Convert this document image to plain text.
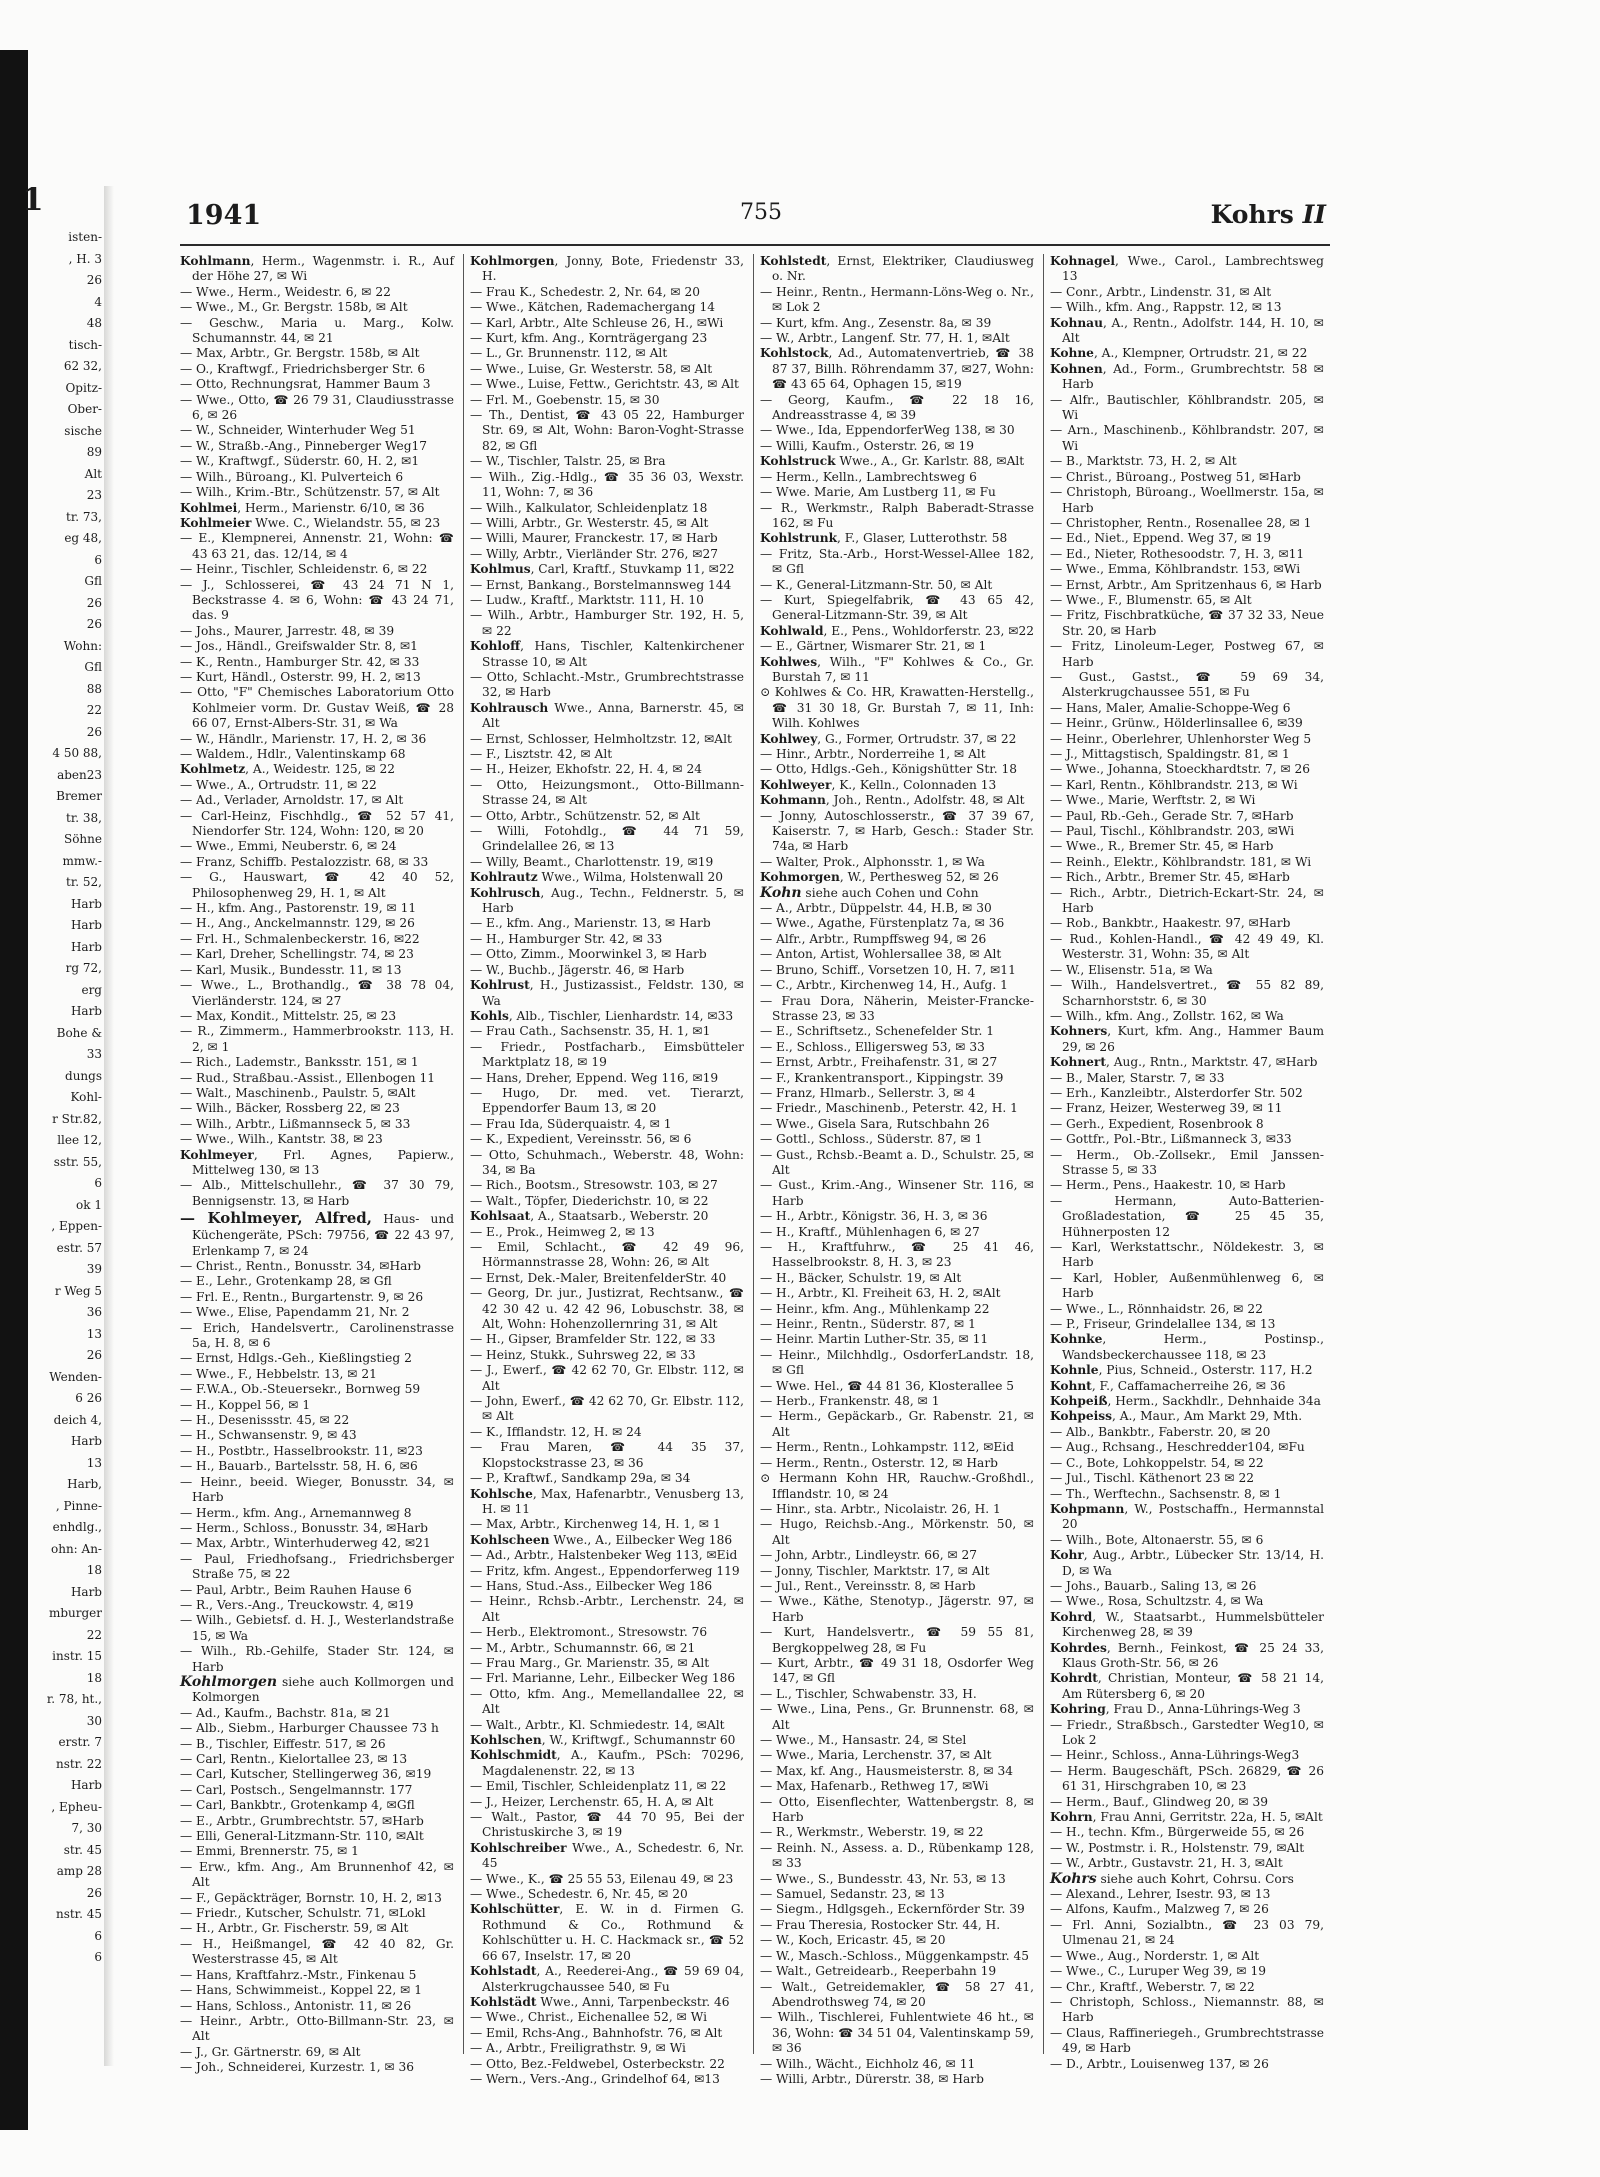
1
isten-
, H. 3
26
4
48
tisch-
62 32,
Opitz-
Ober-
sische
89
Alt
23
tr. 73,
eg 48,
6
Gfl
26
26
Wohn:
Gfl
88
22
26
4 50 88,
aben23
Bremer
tr. 38,
Söhne
mmw.-
tr. 52,
Harb
Harb
Harb
rg 72,
erg
Harb
Bohe &
33
dungs
Kohl-
r Str.82,
llee 12,
sstr. 55,
6
ok 1
, Eppen-
estr. 57
39
r Weg 5
36
13
26
Wenden-
6 26
deich 4,
Harb
13
Harb,
, Pinne-
enhdlg.,
ohn: An-
18
Harb
mburger
22
instr. 15
18
r. 78, ht.,
30
erstr. 7
nstr. 22
Harb
, Epheu-
7, 30
str. 45
amp 28
26
nstr. 45
6
6
1941	755	Kohrs II

Kohlmann, Herm., Wagenmstr. i. R., Auf der Höhe 27, ✉ Wi

— Wwe., Herm., Weidestr. 6, ✉ 22

— Wwe., M., Gr. Bergstr. 158b, ✉ Alt

— Geschw., Maria u. Marg., Kolw. Schumannstr. 44, ✉ 21

— Max, Arbtr., Gr. Bergstr. 158b, ✉ Alt

— O., Kraftwgf., Friedrichsberger Str. 6

— Otto, Rechnungsrat, Hammer Baum 3

— Wwe., Otto, ☎ 26 79 31, Claudiusstrasse 6, ✉ 26

— W., Schneider, Winterhuder Weg 51

— W., Straßb.-Ang., Pinneberger Weg17

— W., Kraftwgf., Süderstr. 60, H. 2, ✉1

— Wilh., Büroang., Kl. Pulverteich 6

— Wilh., Krim.-Btr., Schützenstr. 57, ✉ Alt

Kohlmei, Herm., Marienstr. 6/10, ✉ 36

Kohlmeier Wwe. C., Wielandstr. 55, ✉ 23

— E., Klempnerei, Annenstr. 21, Wohn: ☎ 43 63 21, das. 12/14, ✉ 4

— Heinr., Tischler, Schleidenstr. 6, ✉ 22

— J., Schlosserei, ☎ 43 24 71 N 1, Beckstrasse 4. ✉ 6, Wohn: ☎ 43 24 71, das. 9

— Johs., Maurer, Jarrestr. 48, ✉ 39

— Jos., Händl., Greifswalder Str. 8, ✉1

— K., Rentn., Hamburger Str. 42, ✉ 33

— Kurt, Händl., Osterstr. 99, H. 2, ✉13

— Otto, "F" Chemisches Laboratorium Otto Kohlmeier vorm. Dr. Gustav Weiß, ☎ 28 66 07, Ernst-Albers-Str. 31, ✉ Wa

— W., Händlr., Marienstr. 17, H. 2, ✉ 36

— Waldem., Hdlr., Valentinskamp 68

Kohlmetz, A., Weidestr. 125, ✉ 22

— Wwe., A., Ortrudstr. 11, ✉ 22

— Ad., Verlader, Arnoldstr. 17, ✉ Alt

— Carl-Heinz, Fischhdlg., ☎ 52 57 41, Niendorfer Str. 124, Wohn: 120, ✉ 20

— Wwe., Emmi, Neuberstr. 6, ✉ 24

— Franz, Schiffb. Pestalozzistr. 68, ✉ 33

— G., Hauswart, ☎ 42 40 52, Philosophenweg 29, H. 1, ✉ Alt

— H., kfm. Ang., Pastorenstr. 19, ✉ 11

— H., Ang., Anckelmannstr. 129, ✉ 26

— Frl. H., Schmalenbeckerstr. 16, ✉22

— Karl, Dreher, Schellingstr. 74, ✉ 23

— Karl, Musik., Bundesstr. 11, ✉ 13

— Wwe., L., Brothandlg., ☎ 38 78 04, Vierländerstr. 124, ✉ 27

— Max, Kondit., Mittelstr. 25, ✉ 23

— R., Zimmerm., Hammerbrookstr. 113, H. 2, ✉ 1

— Rich., Lademstr., Banksstr. 151, ✉ 1

— Rud., Straßbau.-Assist., Ellenbogen 11

— Walt., Maschinenb., Paulstr. 5, ✉Alt

— Wilh., Bäcker, Rossberg 22, ✉ 23

— Wilh., Arbtr., Lißmannseck 5, ✉ 33

— Wwe., Wilh., Kantstr. 38, ✉ 23

Kohlmeyer, Frl. Agnes, Papierw., Mittelweg 130, ✉ 13

— Alb., Mittelschullehr., ☎ 37 30 79, Bennigsenstr. 13, ✉ Harb

— Kohlmeyer, Alfred, Haus- und Küchengeräte, PSch: 79756, ☎ 22 43 97, Erlenkamp 7, ✉ 24

— Christ., Rentn., Bonusstr. 34, ✉Harb

— E., Lehr., Grotenkamp 28, ✉ Gfl

— Frl. E., Rentn., Burgartenstr. 9, ✉ 26

— Wwe., Elise, Papendamm 21, Nr. 2

— Erich, Handelsvertr., Carolinenstrasse 5a, H. 8, ✉ 6

— Ernst, Hdlgs.-Geh., Kießlingstieg 2

— Wwe., F., Hebbelstr. 13, ✉ 21

— F.W.A., Ob.-Steuersekr., Bornweg 59

— H., Koppel 56, ✉ 1

— H., Desenissstr. 45, ✉ 22

— H., Schwansenstr. 9, ✉ 43

— H., Postbtr., Hasselbrookstr. 11, ✉23

— H., Bauarb., Bartelsstr. 58, H. 6, ✉6

— Heinr., beeid. Wieger, Bonusstr. 34, ✉ Harb

— Herm., kfm. Ang., Arnemannweg 8

— Herm., Schloss., Bonusstr. 34, ✉Harb

— Max, Arbtr., Winterhuderweg 42, ✉21

— Paul, Friedhofsang., Friedrichsberger Straße 75, ✉ 22

— Paul, Arbtr., Beim Rauhen Hause 6

— R., Vers.-Ang., Treuckowstr. 4, ✉19

— Wilh., Gebietsf. d. H. J., Westerlandstraße 15, ✉ Wa

— Wilh., Rb.-Gehilfe, Stader Str. 124, ✉ Harb

Kohlmorgen siehe auch Kollmorgen und Kolmorgen

— Ad., Kaufm., Bachstr. 81a, ✉ 21

— Alb., Siebm., Harburger Chaussee 73 h

— B., Tischler, Eiffestr. 517, ✉ 26

— Carl, Rentn., Kielortallee 23, ✉ 13

— Carl, Kutscher, Stellingerweg 36, ✉19

— Carl, Postsch., Sengelmannstr. 177

— Carl, Bankbtr., Grotenkamp 4, ✉Gfl

— E., Arbtr., Grumbrechtstr. 57, ✉Harb

— Elli, General-Litzmann-Str. 110, ✉Alt

— Emmi, Brennerstr. 75, ✉ 1

— Erw., kfm. Ang., Am Brunnenhof 42, ✉ Alt

— F., Gepäckträger, Bornstr. 10, H. 2, ✉13

— Friedr., Kutscher, Schulstr. 71, ✉Lokl

— H., Arbtr., Gr. Fischerstr. 59, ✉ Alt

— H., Heißmangel, ☎ 42 40 82, Gr. Westerstrasse 45, ✉ Alt

— Hans, Kraftfahrz.-Mstr., Finkenau 5

— Hans, Schwimmeist., Koppel 22, ✉ 1

— Hans, Schloss., Antonistr. 11, ✉ 26

— Heinr., Arbtr., Otto-Billmann-Str. 23, ✉ Alt

— J., Gr. Gärtnerstr. 69, ✉ Alt

— Joh., Schneiderei, Kurzestr. 1, ✉ 36

Kohlmorgen, Jonny, Bote, Friedenstr 33, H.

— Frau K., Schedestr. 2, Nr. 64, ✉ 20

— Wwe., Kätchen, Rademachergang 14

— Karl, Arbtr., Alte Schleuse 26, H., ✉Wi

— Kurt, kfm. Ang., Kornträgergang 23

— L., Gr. Brunnenstr. 112, ✉ Alt

— Wwe., Luise, Gr. Westerstr. 58, ✉ Alt

— Wwe., Luise, Fettw., Gerichtstr. 43, ✉ Alt

— Frl. M., Goebenstr. 15, ✉ 30

— Th., Dentist, ☎ 43 05 22, Hamburger Str. 69, ✉ Alt, Wohn: Baron-Voght-Strasse 82, ✉ Gfl

— W., Tischler, Talstr. 25, ✉ Bra

— Wilh., Zig.-Hdlg., ☎ 35 36 03, Wexstr. 11, Wohn: 7, ✉ 36

— Wilh., Kalkulator, Schleidenplatz 18

— Willi, Arbtr., Gr. Westerstr. 45, ✉ Alt

— Willi, Maurer, Franckestr. 17, ✉ Harb

— Willy, Arbtr., Vierländer Str. 276, ✉27

Kohlmus, Carl, Kraftf., Stuvkamp 11, ✉22

— Ernst, Bankang., Borstelmannsweg 144

— Ludw., Kraftf., Marktstr. 111, H. 10

— Wilh., Arbtr., Hamburger Str. 192, H. 5, ✉ 22

Kohloff, Hans, Tischler, Kaltenkirchener Strasse 10, ✉ Alt

— Otto, Schlacht.-Mstr., Grumbrechtstrasse 32, ✉ Harb

Kohlrausch Wwe., Anna, Barnerstr. 45, ✉Alt

— Ernst, Schlosser, Helmholtzstr. 12, ✉Alt

— F., Lisztstr. 42, ✉ Alt

— H., Heizer, Ekhofstr. 22, H. 4, ✉ 24

— Otto, Heizungsmont., Otto-Billmann-Strasse 24, ✉ Alt

— Otto, Arbtr., Schützenstr. 52, ✉ Alt

— Willi, Fotohdlg., ☎ 44 71 59, Grindelallee 26, ✉ 13

— Willy, Beamt., Charlottenstr. 19, ✉19

Kohlrautz Wwe., Wilma, Holstenwall 20

Kohlrusch, Aug., Techn., Feldnerstr. 5, ✉ Harb

— E., kfm. Ang., Marienstr. 13, ✉ Harb

— H., Hamburger Str. 42, ✉ 33

— Otto, Zimm., Moorwinkel 3, ✉ Harb

— W., Buchb., Jägerstr. 46, ✉ Harb

Kohlrust, H., Justizassist., Feldstr. 130, ✉ Wa

Kohls, Alb., Tischler, Lienhardstr. 14, ✉33

— Frau Cath., Sachsenstr. 35, H. 1, ✉1

— Friedr., Postfacharb., Eimsbütteler Marktplatz 18, ✉ 19

— Hans, Dreher, Eppend. Weg 116, ✉19

— Hugo, Dr. med. vet. Tierarzt, Eppendorfer Baum 13, ✉ 20

— Frau Ida, Süderquaistr. 4, ✉ 1

— K., Expedient, Vereinsstr. 56, ✉ 6

— Otto, Schuhmach., Weberstr. 48, Wohn: 34, ✉ Ba

— Rich., Bootsm., Stresowstr. 103, ✉ 27

— Walt., Töpfer, Diederichstr. 10, ✉ 22

Kohlsaat, A., Staatsarb., Weberstr. 20

— E., Prok., Heimweg 2, ✉ 13

— Emil, Schlacht., ☎ 42 49 96, Hörmannstrasse 28, Wohn: 26, ✉ Alt

— Ernst, Dek.-Maler, BreitenfelderStr. 40

— Georg, Dr. jur., Justizrat, Rechtsanw., ☎ 42 30 42 u. 42 42 96, Lobuschstr. 38, ✉ Alt, Wohn: Hohenzollernring 31, ✉ Alt

— H., Gipser, Bramfelder Str. 122, ✉ 33

— Heinz, Stukk., Suhrsweg 22, ✉ 33

— J., Ewerf., ☎ 42 62 70, Gr. Elbstr. 112, ✉ Alt

— John, Ewerf., ☎ 42 62 70, Gr. Elbstr. 112, ✉ Alt

— K., Ifflandstr. 12, H. ✉ 24

— Frau Maren, ☎ 44 35 37, Klopstockstrasse 23, ✉ 36

— P., Kraftwf., Sandkamp 29a, ✉ 34

Kohlsche, Max, Hafenarbtr., Venusberg 13, H. ✉ 11

— Max, Arbtr., Kirchenweg 14, H. 1, ✉ 1

Kohlscheen Wwe., A., Eilbecker Weg 186

— Ad., Arbtr., Halstenbeker Weg 113, ✉Eid

— Fritz, kfm. Angest., Eppendorferweg 119

— Hans, Stud.-Ass., Eilbecker Weg 186

— Heinr., Rchsb.-Arbtr., Lerchenstr. 24, ✉ Alt

— Herb., Elektromont., Stresowstr. 76

— M., Arbtr., Schumannstr. 66, ✉ 21

— Frau Marg., Gr. Marienstr. 35, ✉ Alt

— Frl. Marianne, Lehr., Eilbecker Weg 186

— Otto, kfm. Ang., Memellandallee 22, ✉ Alt

— Walt., Arbtr., Kl. Schmiedestr. 14, ✉Alt

Kohlschen, W., Kriftwgf., Schumannstr 60

Kohlschmidt, A., Kaufm., PSch: 70296, Magdalenenstr. 22, ✉ 13

— Emil, Tischler, Schleidenplatz 11, ✉ 22

— J., Heizer, Lerchenstr. 65, H. A, ✉ Alt

— Walt., Pastor, ☎ 44 70 95, Bei der Christuskirche 3, ✉ 19

Kohlschreiber Wwe., A., Schedestr. 6, Nr. 45

— Wwe., K., ☎ 25 55 53, Eilenau 49, ✉ 23

— Wwe., Schedestr. 6, Nr. 45, ✉ 20

Kohlschütter, E. W. in d. Firmen G. Rothmund & Co., Rothmund & Kohlschütter u. H. C. Hackmack sr., ☎ 52 66 67, Inselstr. 17, ✉ 20

Kohlstadt, A., Reederei-Ang., ☎ 59 69 04, Alsterkrugchaussee 540, ✉ Fu

Kohlstädt Wwe., Anni, Tarpenbeckstr. 46

— Wwe., Christ., Eichenallee 52, ✉ Wi

— Emil, Rchs-Ang., Bahnhofstr. 76, ✉ Alt

— A., Arbtr., Freiligrathstr. 9, ✉ Wi

— Otto, Bez.-Feldwebel, Osterbeckstr. 22

— Wern., Vers.-Ang., Grindelhof 64, ✉13

Kohlstedt, Ernst, Elektriker, Claudiusweg o. Nr.

— Heinr., Rentn., Hermann-Löns-Weg o. Nr., ✉ Lok 2

— Kurt, kfm. Ang., Zesenstr. 8a, ✉ 39

— W., Arbtr., Langenf. Str. 77, H. 1, ✉Alt

Kohlstock, Ad., Automatenvertrieb, ☎ 38 87 37, Billh. Röhrendamm 37, ✉27, Wohn: ☎ 43 65 64, Ophagen 15, ✉19

— Georg, Kaufm., ☎ 22 18 16, Andreasstrasse 4, ✉ 39

— Wwe., Ida, EppendorferWeg 138, ✉ 30

— Willi, Kaufm., Osterstr. 26, ✉ 19

Kohlstruck Wwe., A., Gr. Karlstr. 88, ✉Alt

— Herm., Kelln., Lambrechtsweg 6

— Wwe. Marie, Am Lustberg 11, ✉ Fu

— R., Werkmstr., Ralph Baberadt-Strasse 162, ✉ Fu

Kohlstrunk, F., Glaser, Lutterothstr. 58

— Fritz, Sta.-Arb., Horst-Wessel-Allee 182, ✉ Gfl

— K., General-Litzmann-Str. 50, ✉ Alt

— Kurt, Spiegelfabrik, ☎ 43 65 42, General-Litzmann-Str. 39, ✉ Alt

Kohlwald, E., Pens., Wohldorferstr. 23, ✉22

— E., Gärtner, Wismarer Str. 21, ✉ 1

Kohlwes, Wilh., "F" Kohlwes & Co., Gr. Burstah 7, ✉ 11

⊙ Kohlwes & Co. HR, Krawatten-Herstellg., ☎ 31 30 18, Gr. Burstah 7, ✉ 11, Inh: Wilh. Kohlwes

Kohlwey, G., Former, Ortrudstr. 37, ✉ 22

— Hinr., Arbtr., Norderreihe 1, ✉ Alt

— Otto, Hdlgs.-Geh., Königshütter Str. 18

Kohlweyer, K., Kelln., Colonnaden 13

Kohmann, Joh., Rentn., Adolfstr. 48, ✉ Alt

— Jonny, Autoschlosserstr., ☎ 37 39 67, Kaiserstr. 7, ✉ Harb, Gesch.: Stader Str. 74a, ✉ Harb

— Walter, Prok., Alphonsstr. 1, ✉ Wa

Kohmorgen, W., Perthesweg 52, ✉ 26

Kohn siehe auch Cohen und Cohn

— A., Arbtr., Düppelstr. 44, H.B, ✉ 30

— Wwe., Agathe, Fürstenplatz 7a, ✉ 36

— Alfr., Arbtr., Rumpffsweg 94, ✉ 26

— Anton, Artist, Wohlersallee 38, ✉ Alt

— Bruno, Schiff., Vorsetzen 10, H. 7, ✉11

— C., Arbtr., Kirchenweg 14, H., Aufg. 1

— Frau Dora, Näherin, Meister-Francke-Strasse 23, ✉ 33

— E., Schriftsetz., Schenefelder Str. 1

— E., Schloss., Elligersweg 53, ✉ 33

— Ernst, Arbtr., Freihafenstr. 31, ✉ 27

— F., Krankentransport., Kippingstr. 39

— Franz, Hlmarb., Sellerstr. 3, ✉ 4

— Friedr., Maschinenb., Peterstr. 42, H. 1

— Wwe., Gisela Sara, Rutschbahn 26

— Gottl., Schloss., Süderstr. 87, ✉ 1

— Gust., Rchsb.-Beamt a. D., Schulstr. 25, ✉ Alt

— Gust., Krim.-Ang., Winsener Str. 116, ✉ Harb

— H., Arbtr., Königstr. 36, H. 3, ✉ 36

— H., Kraftf., Mühlenhagen 6, ✉ 27

— H., Kraftfuhrw., ☎ 25 41 46, Hasselbrookstr. 8, H. 3, ✉ 23

— H., Bäcker, Schulstr. 19, ✉ Alt

— H., Arbtr., Kl. Freiheit 63, H. 2, ✉Alt

— Heinr., kfm. Ang., Mühlenkamp 22

— Heinr., Rentn., Süderstr. 87, ✉ 1

— Heinr. Martin Luther-Str. 35, ✉ 11

— Heinr., Milchhdlg., OsdorferLandstr. 18, ✉ Gfl

— Wwe. Hel., ☎ 44 81 36, Klosterallee 5

— Herb., Frankenstr. 48, ✉ 1

— Herm., Gepäckarb., Gr. Rabenstr. 21, ✉ Alt

— Herm., Rentn., Lohkampstr. 112, ✉Eid

— Herm., Rentn., Osterstr. 12, ✉ Harb

⊙ Hermann Kohn HR, Rauchw.-Großhdl., Ifflandstr. 10, ✉ 24

— Hinr., sta. Arbtr., Nicolaistr. 26, H. 1

— Hugo, Reichsb.-Ang., Mörkenstr. 50, ✉ Alt

— John, Arbtr., Lindleystr. 66, ✉ 27

— Jonny, Tischler, Marktstr. 17, ✉ Alt

— Jul., Rent., Vereinsstr. 8, ✉ Harb

— Wwe., Käthe, Stenotyp., Jägerstr. 97, ✉ Harb

— Kurt, Handelsvertr., ☎ 59 55 81, Bergkoppelweg 28, ✉ Fu

— Kurt, Arbtr., ☎ 49 31 18, Osdorfer Weg 147, ✉ Gfl

— L., Tischler, Schwabenstr. 33, H.

— Wwe., Lina, Pens., Gr. Brunnenstr. 68, ✉ Alt

— Wwe., M., Hansastr. 24, ✉ Stel

— Wwe., Maria, Lerchenstr. 37, ✉ Alt

— Max, kf. Ang., Hausmeisterstr. 8, ✉ 34

— Max, Hafenarb., Rethweg 17, ✉Wi

— Otto, Eisenflechter, Wattenbergstr. 8, ✉ Harb

— R., Werkmstr., Weberstr. 19, ✉ 22

— Reinh. N., Assess. a. D., Rübenkamp 128, ✉ 33

— Wwe., S., Bundesstr. 43, Nr. 53, ✉ 13

— Samuel, Sedanstr. 23, ✉ 13

— Siegm., Hdlgsgeh., Eckernförder Str. 39

— Frau Theresia, Rostocker Str. 44, H.

— W., Koch, Ericastr. 45, ✉ 20

— W., Masch.-Schloss., Müggenkampstr. 45

— Walt., Getreidearb., Reeperbahn 19

— Walt., Getreidemakler, ☎ 58 27 41, Abendrothsweg 74, ✉ 20

— Wilh., Tischlerei, Fuhlentwiete 46 ht., ✉ 36, Wohn: ☎ 34 51 04, Valentinskamp 59, ✉ 36

— Wilh., Wächt., Eichholz 46, ✉ 11

— Willi, Arbtr., Dürerstr. 38, ✉ Harb

Kohnagel, Wwe., Carol., Lambrechtsweg 13

— Conr., Arbtr., Lindenstr. 31, ✉ Alt

— Wilh., kfm. Ang., Rappstr. 12, ✉ 13

Kohnau, A., Rentn., Adolfstr. 144, H. 10, ✉ Alt

Kohne, A., Klempner, Ortrudstr. 21, ✉ 22

Kohnen, Ad., Form., Grumbrechtstr. 58 ✉ Harb

— Alfr., Bautischler, Köhlbrandstr. 205, ✉ Wi

— Arn., Maschinenb., Köhlbrandstr. 207, ✉ Wi

— B., Marktstr. 73, H. 2, ✉ Alt

— Christ., Büroang., Postweg 51, ✉Harb

— Christoph, Büroang., Woellmerstr. 15a, ✉ Harb

— Christopher, Rentn., Rosenallee 28, ✉ 1

— Ed., Niet., Eppend. Weg 37, ✉ 19

— Ed., Nieter, Rothesoodstr. 7, H. 3, ✉11

— Wwe., Emma, Köhlbrandstr. 153, ✉Wi

— Ernst, Arbtr., Am Spritzenhaus 6, ✉ Harb

— Wwe., F., Blumenstr. 65, ✉ Alt

— Fritz, Fischbratküche, ☎ 37 32 33, Neue Str. 20, ✉ Harb

— Fritz, Linoleum-Leger, Postweg 67, ✉ Harb

— Gust., Gastst., ☎ 59 69 34, Alsterkrugchaussee 551, ✉ Fu

— Hans, Maler, Amalie-Schoppe-Weg 6

— Heinr., Grünw., Hölderlinsallee 6, ✉39

— Heinr., Oberlehrer, Uhlenhorster Weg 5

— J., Mittagstisch, Spaldingstr. 81, ✉ 1

— Wwe., Johanna, Stoeckhardtstr. 7, ✉ 26

— Karl, Rentn., Köhlbrandstr. 213, ✉ Wi

— Wwe., Marie, Werftstr. 2, ✉ Wi

— Paul, Rb.-Geh., Gerade Str. 7, ✉Harb

— Paul, Tischl., Köhlbrandstr. 203, ✉Wi

— Wwe., R., Bremer Str. 45, ✉ Harb

— Reinh., Elektr., Köhlbrandstr. 181, ✉ Wi

— Rich., Arbtr., Bremer Str. 45, ✉Harb

— Rich., Arbtr., Dietrich-Eckart-Str. 24, ✉ Harb

— Rob., Bankbtr., Haakestr. 97, ✉Harb

— Rud., Kohlen-Handl., ☎ 42 49 49, Kl. Westerstr. 31, Wohn: 35, ✉ Alt

— W., Elisenstr. 51a, ✉ Wa

— Wilh., Handelsvertret., ☎ 55 82 89, Scharnhorststr. 6, ✉ 30

— Wilh., kfm. Ang., Zollstr. 162, ✉ Wa

Kohners, Kurt, kfm. Ang., Hammer Baum 29, ✉ 26

Kohnert, Aug., Rntn., Marktstr. 47, ✉Harb

— B., Maler, Starstr. 7, ✉ 33

— Erh., Kanzleibtr., Alsterdorfer Str. 502

— Franz, Heizer, Westerweg 39, ✉ 11

— Gerh., Expedient, Rosenbrook 8

— Gottfr., Pol.-Btr., Lißmanneck 3, ✉33

— Herm., Ob.-Zollsekr., Emil Janssen-Strasse 5, ✉ 33

— Herm., Pens., Haakestr. 10, ✉ Harb

— Hermann, Auto-Batterien-Großladestation, ☎ 25 45 35, Hühnerposten 12

— Karl, Werkstattschr., Nöldekestr. 3, ✉ Harb

— Karl, Hobler, Außenmühlenweg 6, ✉ Harb

— Wwe., L., Rönnhaidstr. 26, ✉ 22

— P., Friseur, Grindelallee 134, ✉ 13

Kohnke, Herm., Postinsp., Wandsbeckerchaussee 118, ✉ 23

Kohnle, Pius, Schneid., Osterstr. 117, H.2

Kohnt, F., Caffamacherreihe 26, ✉ 36

Kohpeiß, Herm., Sackhdlr., Dehnhaide 34a

Kohpeiss, A., Maur., Am Markt 29, Mth.

— Alb., Bankbtr., Faberstr. 20, ✉ 20

— Aug., Rchsang., Heschredder104, ✉Fu

— C., Bote, Lohkoppelstr. 54, ✉ 22

— Jul., Tischl. Käthenort 23 ✉ 22

— Th., Werftechn., Sachsenstr. 8, ✉ 1

Kohpmann, W., Postschaffn., Hermannstal 20

— Wilh., Bote, Altonaerstr. 55, ✉ 6

Kohr, Aug., Arbtr., Lübecker Str. 13/14, H. D, ✉ Wa

— Johs., Bauarb., Saling 13, ✉ 26

— Wwe., Rosa, Schultzstr. 4, ✉ Wa

Kohrd, W., Staatsarbt., Hummelsbütteler Kirchenweg 28, ✉ 39

Kohrdes, Bernh., Feinkost, ☎ 25 24 33, Klaus Groth-Str. 56, ✉ 26

Kohrdt, Christian, Monteur, ☎ 58 21 14, Am Rütersberg 6, ✉ 20

Kohring, Frau D., Anna-Lührings-Weg 3

— Friedr., Straßbsch., Garstedter Weg10, ✉ Lok 2

— Heinr., Schloss., Anna-Lührings-Weg3

— Herm. Baugeschäft, PSch. 26829, ☎ 26 61 31, Hirschgraben 10, ✉ 23

— Herm., Bauf., Glindweg 20, ✉ 39

Kohrn, Frau Anni, Gerritstr. 22a, H. 5, ✉Alt

— H., techn. Kfm., Bürgerweide 55, ✉ 26

— W., Postmstr. i. R., Holstenstr. 79, ✉Alt

— W., Arbtr., Gustavstr. 21, H. 3, ✉Alt

Kohrs siehe auch Kohrt, Cohrsu. Cors

— Alexand., Lehrer, Isestr. 93, ✉ 13

— Alfons, Kaufm., Malzweg 7, ✉ 26

— Frl. Anni, Sozialbtn., ☎ 23 03 79, Ulmenau 21, ✉ 24

— Wwe., Aug., Norderstr. 1, ✉ Alt

— Wwe., C., Luruper Weg 39, ✉ 19

— Chr., Kraftf., Weberstr. 7, ✉ 22

— Christoph, Schloss., Niemannstr. 88, ✉ Harb

— Claus, Raffineriegeh., Grumbrechtstrasse 49, ✉ Harb

— D., Arbtr., Louisenweg 137, ✉ 26
